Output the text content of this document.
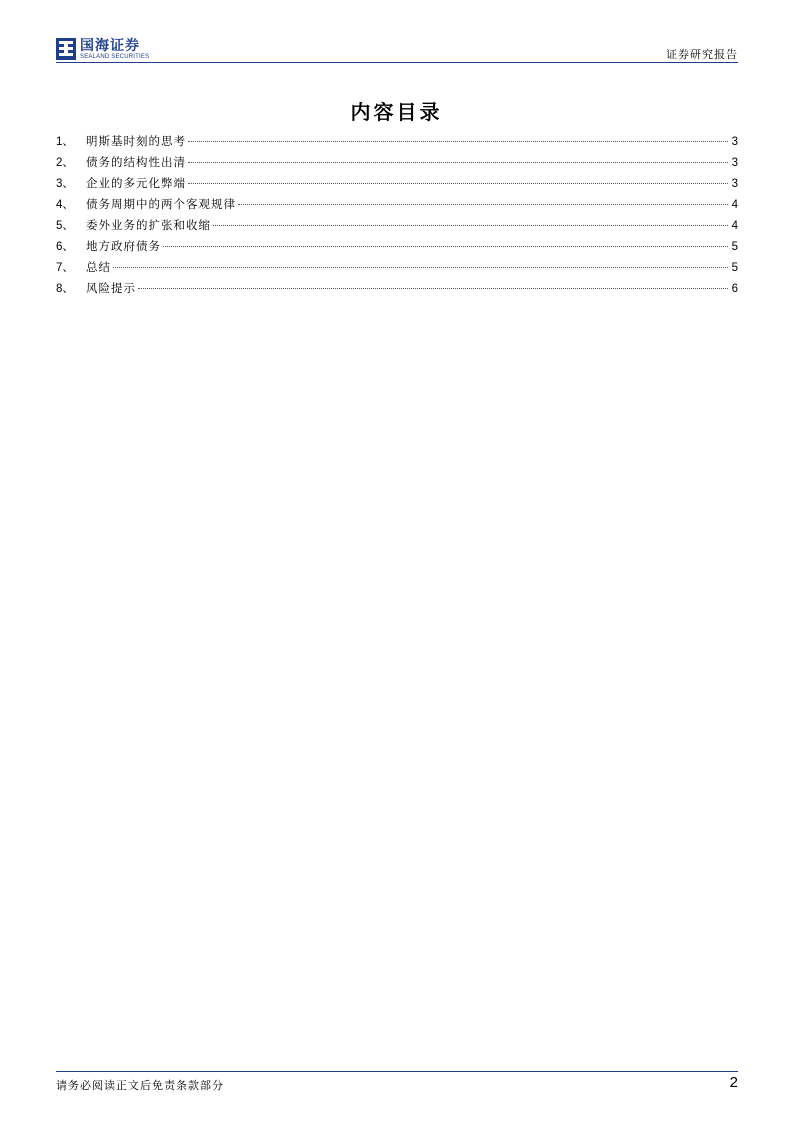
国海证券
SEALAND SECURITIES	证券研究报告
内容目录
1、	明斯基时刻的思考	3
2、	债务的结构性出清	3
3、	企业的多元化弊端	3
4、	债务周期中的两个客观规律	4
5、	委外业务的扩张和收缩	4
6、	地方政府债务	5
7、	总结	5
8、	风险提示	6
请务必阅读正文后免责条款部分	2
